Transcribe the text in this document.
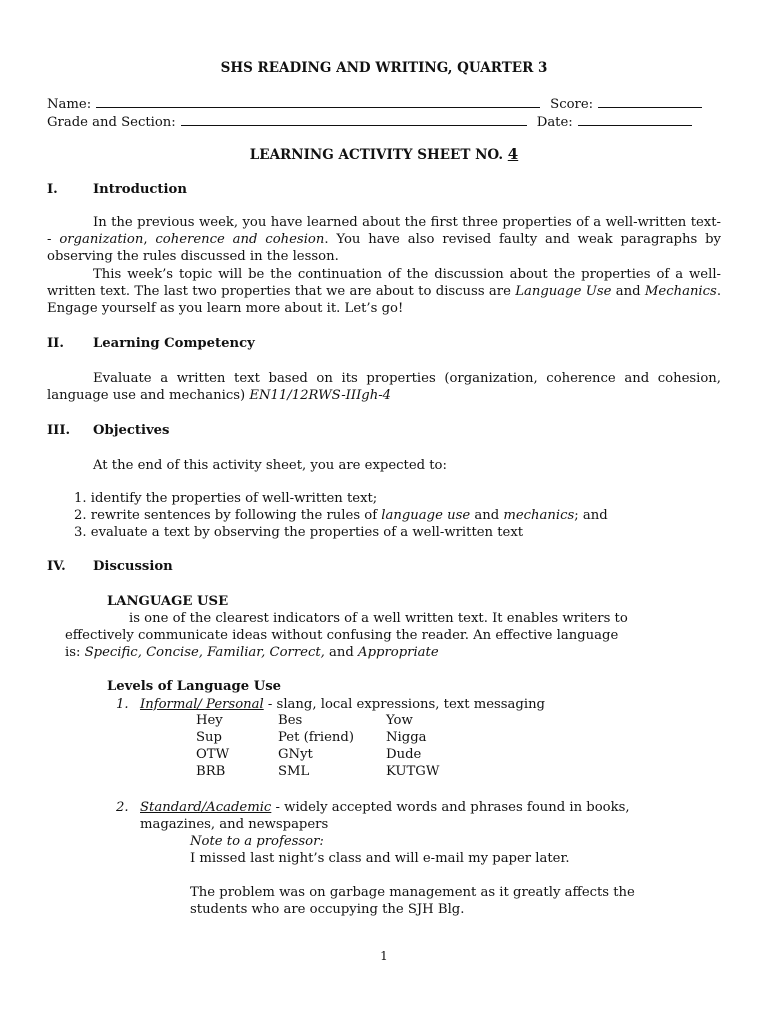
SHS READING AND WRITING, QUARTER 3
Name:	Score:
Grade and Section:	Date:
LEARNING ACTIVITY SHEET NO. 4
I.	Introduction
In the previous week, you have learned about the first three properties of a well-written text-- organization, coherence and cohesion. You have also revised faulty and weak paragraphs by observing the rules discussed in the lesson.
This week’s topic will be the continuation of the discussion about the properties of a well-written text. The last two properties that we are about to discuss are Language Use and Mechanics. Engage yourself as you learn more about it. Let’s go!
II. Learning Competency
Evaluate a written text based on its properties (organization, coherence and cohesion, language use and mechanics) EN11/12RWS-IIIgh-4
III. Objectives
At the end of this activity sheet, you are expected to:
1. identify the properties of well-written text;
2. rewrite sentences by following the rules of language use and mechanics; and
3. evaluate a text by observing the properties of a well-written text
IV. Discussion
LANGUAGE USE
is one of the clearest indicators of a well written text. It enables writers to
effectively communicate ideas without confusing the reader. An effective language
is: Specific, Concise, Familiar, Correct, and Appropriate
Levels of Language Use
1. Informal/ Personal - slang, local expressions, text messaging
Hey	Bes	Yow
Sup	Pet (friend)	Nigga
OTW	GNyt	Dude
BRB	SML	KUTGW
2. Standard/Academic - widely accepted words and phrases found in books,
magazines, and newspapers
Note to a professor:
I missed last night’s class and will e-mail my paper later.
The problem was on garbage management as it greatly affects the
students who are occupying the SJH Blg.
1
